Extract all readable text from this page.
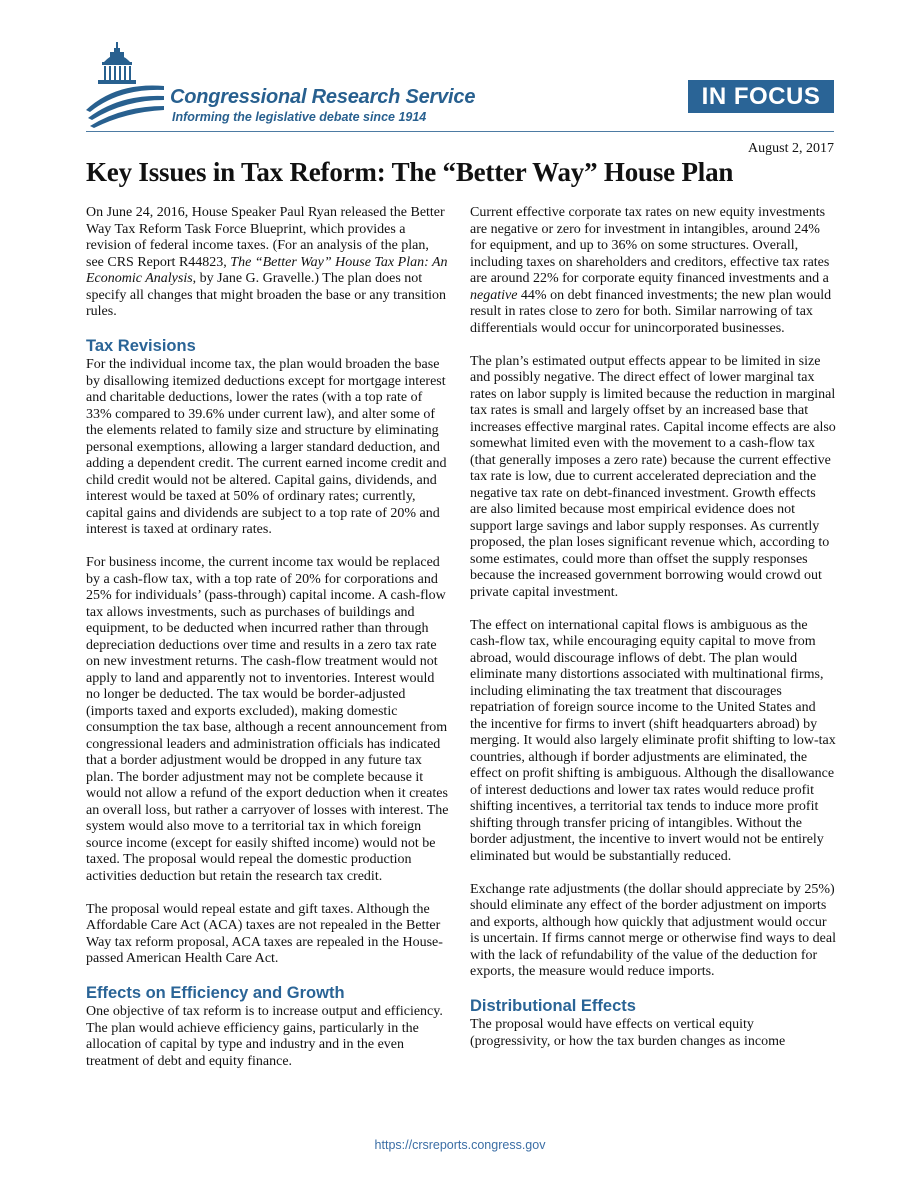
Congressional Research Service
Informing the legislative debate since 1914
IN FOCUS
August 2, 2017
Key Issues in Tax Reform: The “Better Way” House Plan

On June 24, 2016, House Speaker Paul Ryan released the Better Way Tax Reform Task Force Blueprint, which provides a revision of federal income taxes. (For an analysis of the plan, see CRS Report R44823, The “Better Way” House Tax Plan: An Economic Analysis, by Jane G. Gravelle.) The plan does not specify all changes that might broaden the base or any transition rules.

Tax Revisions

For the individual income tax, the plan would broaden the base by disallowing itemized deductions except for mortgage interest and charitable deductions, lower the rates (with a top rate of 33% compared to 39.6% under current law), and alter some of the elements related to family size and structure by eliminating personal exemptions, allowing a larger standard deduction, and adding a dependent credit. The current earned income credit and child credit would not be altered. Capital gains, dividends, and interest would be taxed at 50% of ordinary rates; currently, capital gains and dividends are subject to a top rate of 20% and interest is taxed at ordinary rates.

For business income, the current income tax would be replaced by a cash-flow tax, with a top rate of 20% for corporations and 25% for individuals’ (pass-through) capital income. A cash-flow tax allows investments, such as purchases of buildings and equipment, to be deducted when incurred rather than through depreciation deductions over time and results in a zero tax rate on new investment returns. The cash-flow treatment would not apply to land and apparently not to inventories. Interest would no longer be deducted. The tax would be border-adjusted (imports taxed and exports excluded), making domestic consumption the tax base, although a recent announcement from congressional leaders and administration officials has indicated that a border adjustment would be dropped in any future tax plan. The border adjustment may not be complete because it would not allow a refund of the export deduction when it creates an overall loss, but rather a carryover of losses with interest. The system would also move to a territorial tax in which foreign source income (except for easily shifted income) would not be taxed. The proposal would repeal the domestic production activities deduction but retain the research tax credit.

The proposal would repeal estate and gift taxes. Although the Affordable Care Act (ACA) taxes are not repealed in the Better Way tax reform proposal, ACA taxes are repealed in the House-passed American Health Care Act.

Effects on Efficiency and Growth

One objective of tax reform is to increase output and efficiency. The plan would achieve efficiency gains, particularly in the allocation of capital by type and industry and in the even treatment of debt and equity finance.

Current effective corporate tax rates on new equity investments are negative or zero for investment in intangibles, around 24% for equipment, and up to 36% on some structures. Overall, including taxes on shareholders and creditors, effective tax rates are around 22% for corporate equity financed investments and a negative 44% on debt financed investments; the new plan would result in rates close to zero for both. Similar narrowing of tax differentials would occur for unincorporated businesses.

The plan’s estimated output effects appear to be limited in size and possibly negative. The direct effect of lower marginal tax rates on labor supply is limited because the reduction in marginal tax rates is small and largely offset by an increased base that increases effective marginal rates. Capital income effects are also somewhat limited even with the movement to a cash-flow tax (that generally imposes a zero rate) because the current effective tax rate is low, due to current accelerated depreciation and the negative tax rate on debt-financed investment. Growth effects are also limited because most empirical evidence does not support large savings and labor supply responses. As currently proposed, the plan loses significant revenue which, according to some estimates, could more than offset the supply responses because the increased government borrowing would crowd out private capital investment.

The effect on international capital flows is ambiguous as the cash-flow tax, while encouraging equity capital to move from abroad, would discourage inflows of debt. The plan would eliminate many distortions associated with multinational firms, including eliminating the tax treatment that discourages repatriation of foreign source income to the United States and the incentive for firms to invert (shift headquarters abroad) by merging. It would also largely eliminate profit shifting to low-tax countries, although if border adjustments are eliminated, the effect on profit shifting is ambiguous. Although the disallowance of interest deductions and lower tax rates would reduce profit shifting incentives, a territorial tax tends to induce more profit shifting through transfer pricing of intangibles. Without the border adjustment, the incentive to invert would not be entirely eliminated but would be substantially reduced.

Exchange rate adjustments (the dollar should appreciate by 25%) should eliminate any effect of the border adjustment on imports and exports, although how quickly that adjustment would occur is uncertain. If firms cannot merge or otherwise find ways to deal with the lack of refundability of the value of the deduction for exports, the measure would reduce imports.

Distributional Effects

The proposal would have effects on vertical equity (progressivity, or how the tax burden changes as income

https://crsreports.congress.gov
